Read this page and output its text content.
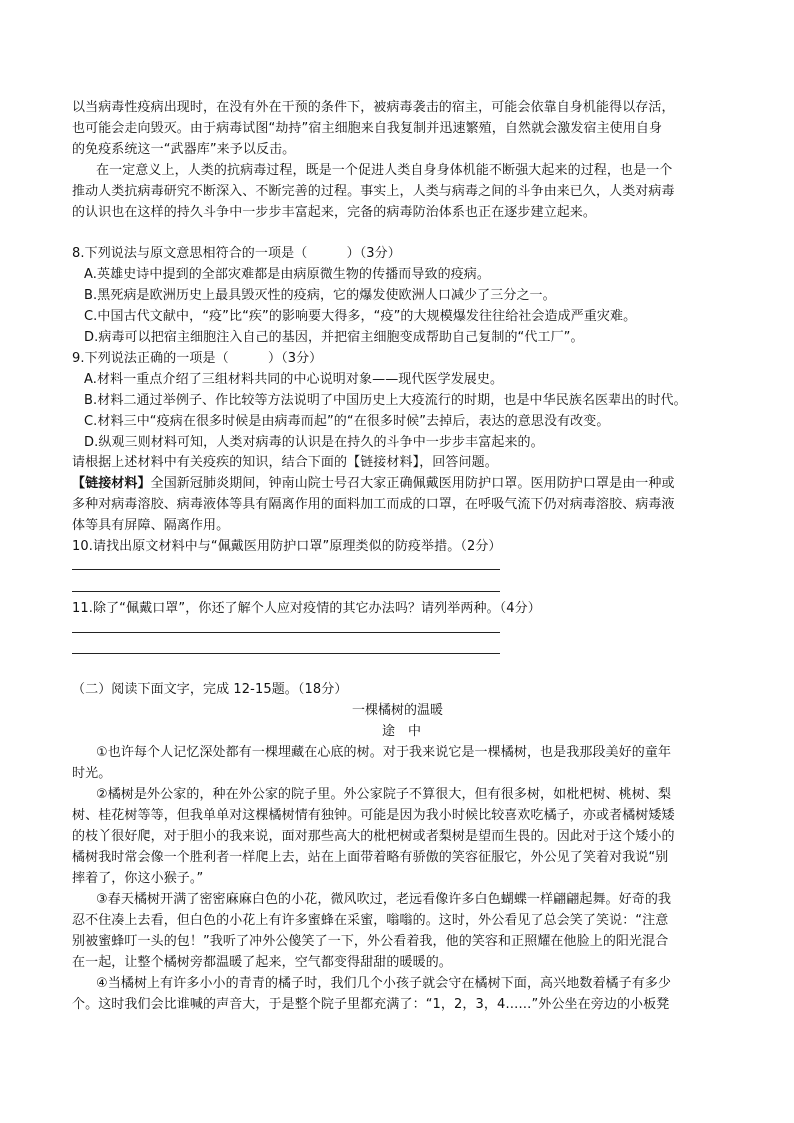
以当病毒性疫病出现时，在没有外在干预的条件下，被病毒袭击的宿主，可能会依靠自身机能得以存活，
也可能会走向毁灭。由于病毒试图“劫持”宿主细胞来自我复制并迅速繁殖，自然就会激发宿主使用自身
的免疫系统这一“武器库”来予以反击。
在一定意义上，人类的抗病毒过程，既是一个促进人类自身身体机能不断强大起来的过程，也是一个
推动人类抗病毒研究不断深入、不断完善的过程。事实上，人类与病毒之间的斗争由来已久，人类对病毒
的认识也在这样的持久斗争中一步步丰富起来，完备的病毒防治体系也正在逐步建立起来。
8.下列说法与原文意思相符合的一项是（　　　）（3分）
A.英雄史诗中提到的全部灾难都是由病原微生物的传播而导致的疫病。
B.黑死病是欧洲历史上最具毁灭性的疫病，它的爆发使欧洲人口减少了三分之一。
C.中国古代文献中，“疫”比“疾”的影响要大得多，“疫”的大规模爆发往往给社会造成严重灾难。
D.病毒可以把宿主细胞注入自己的基因，并把宿主细胞变成帮助自己复制的“代工厂”。
9.下列说法正确的一项是（　　　）（3分）
A.材料一重点介绍了三组材料共同的中心说明对象——现代医学发展史。
B.材料二通过举例子、作比较等方法说明了中国历史上大疫流行的时期，也是中华民族名医辈出的时代。
C.材料三中“疫病在很多时候是由病毒而起”的“在很多时候”去掉后，表达的意思没有改变。
D.纵观三则材料可知，人类对病毒的认识是在持久的斗争中一步步丰富起来的。
请根据上述材料中有关疫疾的知识，结合下面的【链接材料】，回答问题。
【链接材料】全国新冠肺炎期间，钟南山院士号召大家正确佩戴医用防护口罩。医用防护口罩是由一种或
多种对病毒溶胶、病毒液体等具有隔离作用的面料加工而成的口罩，在呼吸气流下仍对病毒溶胶、病毒液
体等具有屏障、隔离作用。
10.请找出原文材料中与“佩戴医用防护口罩”原理类似的防疫举措。（2分）
11.除了“佩戴口罩”，你还了解个人应对疫情的其它办法吗？请列举两种。（4分）
（二）阅读下面文字，完成 12-15题。（18分）
一棵橘树的温暖
途　中
①也许每个人记忆深处都有一棵埋藏在心底的树。对于我来说它是一棵橘树，也是我那段美好的童年
时光。
②橘树是外公家的，种在外公家的院子里。外公家院子不算很大，但有很多树，如枇杷树、桃树、梨
树、桂花树等等，但我单单对这棵橘树情有独钟。可能是因为我小时候比较喜欢吃橘子，亦或者橘树矮矮
的枝丫很好爬，对于胆小的我来说，面对那些高大的枇杷树或者梨树是望而生畏的。因此对于这个矮小的
橘树我时常会像一个胜利者一样爬上去，站在上面带着略有骄傲的笑容征服它，外公见了笑着对我说“别
摔着了，你这小猴子。”
③春天橘树开满了密密麻麻白色的小花，微风吹过，老远看像许多白色蝴蝶一样翩翩起舞。好奇的我
忍不住凑上去看，但白色的小花上有许多蜜蜂在采蜜，嗡嗡的。这时，外公看见了总会笑了笑说：“注意
别被蜜蜂叮一头的包！”我听了冲外公傻笑了一下，外公看着我，他的笑容和正照耀在他脸上的阳光混合
在一起，让整个橘树旁都温暖了起来，空气都变得甜甜的暖暖的。
④当橘树上有许多小小的青青的橘子时，我们几个小孩子就会守在橘树下面，高兴地数着橘子有多少
个。这时我们会比谁喊的声音大，于是整个院子里都充满了：“1，2，3，4……”外公坐在旁边的小板凳
